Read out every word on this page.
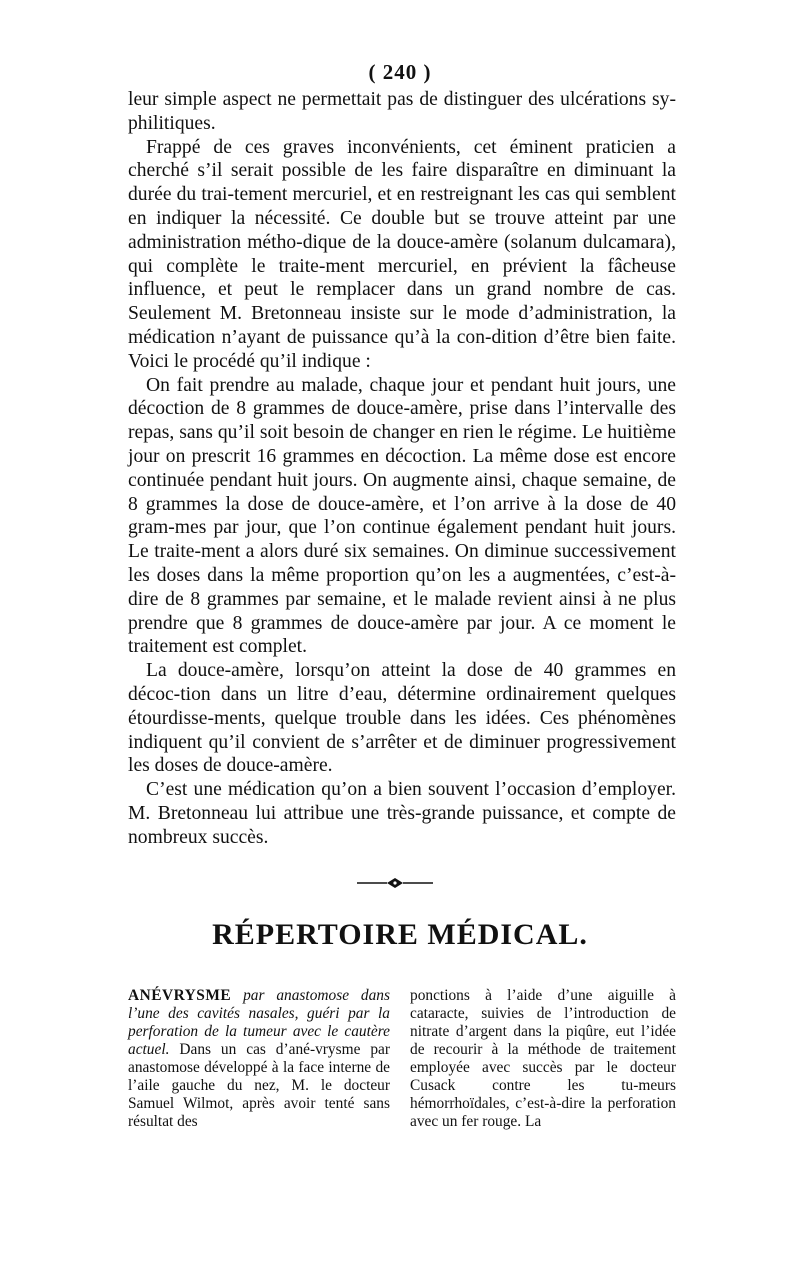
( 240 )

leur simple aspect ne permettait pas de distinguer des ulcérations sy-philitiques.

Frappé de ces graves inconvénients, cet éminent praticien a cherché s’il serait possible de les faire disparaître en diminuant la durée du trai-tement mercuriel, et en restreignant les cas qui semblent en indiquer la nécessité. Ce double but se trouve atteint par une administration métho-dique de la douce-amère (solanum dulcamara), qui complète le traite-ment mercuriel, en prévient la fâcheuse influence, et peut le remplacer dans un grand nombre de cas. Seulement M. Bretonneau insiste sur le mode d’administration, la médication n’ayant de puissance qu’à la con-dition d’être bien faite. Voici le procédé qu’il indique :

On fait prendre au malade, chaque jour et pendant huit jours, une décoction de 8 grammes de douce-amère, prise dans l’intervalle des repas, sans qu’il soit besoin de changer en rien le régime. Le huitième jour on prescrit 16 grammes en décoction. La même dose est encore continuée pendant huit jours. On augmente ainsi, chaque semaine, de 8 grammes la dose de douce-amère, et l’on arrive à la dose de 40 gram-mes par jour, que l’on continue également pendant huit jours. Le traite-ment a alors duré six semaines. On diminue successivement les doses dans la même proportion qu’on les a augmentées, c’est-à-dire de 8 grammes par semaine, et le malade revient ainsi à ne plus prendre que 8 grammes de douce-amère par jour. A ce moment le traitement est complet.

La douce-amère, lorsqu’on atteint la dose de 40 grammes en décoc-tion dans un litre d’eau, détermine ordinairement quelques étourdisse-ments, quelque trouble dans les idées. Ces phénomènes indiquent qu’il convient de s’arrêter et de diminuer progressivement les doses de douce-amère.

C’est une médication qu’on a bien souvent l’occasion d’employer. M. Bretonneau lui attribue une très-grande puissance, et compte de nombreux succès.

RÉPERTOIRE MÉDICAL.

ANÉVRYSME par anastomose dans l’une des cavités nasales, guéri par la perforation de la tumeur avec le cautère actuel. Dans un cas d’ané-vrysme par anastomose développé à la face interne de l’aile gauche du nez, M. le docteur Samuel Wilmot, après avoir tenté sans résultat des

ponctions à l’aide d’une aiguille à cataracte, suivies de l’introduction de nitrate d’argent dans la piqûre, eut l’idée de recourir à la méthode de traitement employée avec succès par le docteur Cusack contre les tu-meurs hémorrhoïdales, c’est-à-dire la perforation avec un fer rouge. La
